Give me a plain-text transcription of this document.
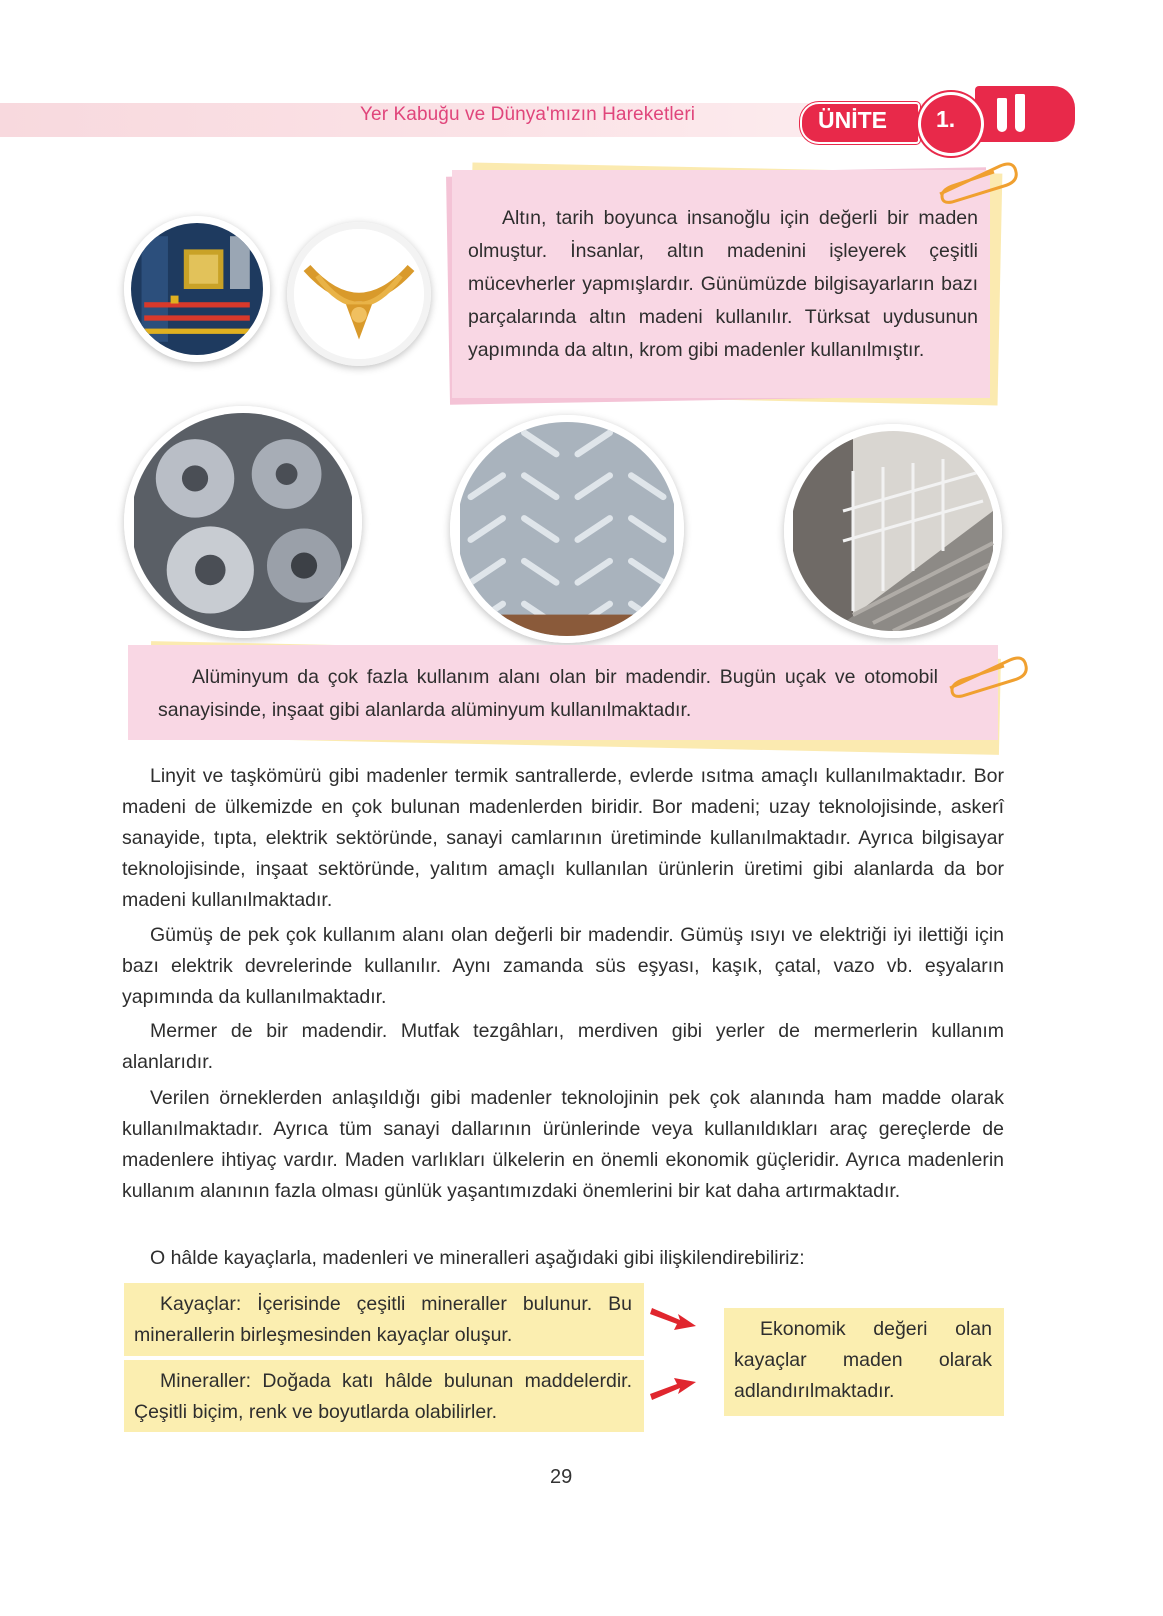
Yer Kabuğu ve Dünya'mızın Hareketleri	ÜNİTE 1.
Altın, tarih boyunca insanoğlu için değerli bir maden olmuştur. İnsanlar, altın madenini işleyerek çeşitli mücevherler yapmışlardır. Günümüzde bilgisayarların bazı parçalarında altın madeni kullanılır. Türksat uydusunun yapımında da altın, krom gibi madenler kullanılmıştır.
Alüminyum da çok fazla kullanım alanı olan bir madendir. Bugün uçak ve otomobil sanayisinde, inşaat gibi alanlarda alüminyum kullanılmaktadır.

Linyit ve taşkömürü gibi madenler termik santrallerde, evlerde ısıtma amaçlı kullanılmaktadır. Bor madeni de ülkemizde en çok bulunan madenlerden biridir. Bor madeni; uzay teknolojisinde, askerî sanayide, tıpta, elektrik sektöründe, sanayi camlarının üretiminde kullanılmaktadır. Ayrıca bilgisayar teknolojisinde, inşaat sektöründe, yalıtım amaçlı kullanılan ürünlerin üretimi gibi alanlarda da bor madeni kullanılmaktadır.

Gümüş de pek çok kullanım alanı olan değerli bir madendir. Gümüş ısıyı ve elektriği iyi ilettiği için bazı elektrik devrelerinde kullanılır. Aynı zamanda süs eşyası, kaşık, çatal, vazo vb. eşyaların yapımında da kullanılmaktadır.

Mermer de bir madendir. Mutfak tezgâhları, merdiven gibi yerler de mermerlerin kullanım alanlarıdır.

Verilen örneklerden anlaşıldığı gibi madenler teknolojinin pek çok alanında ham madde olarak kullanılmaktadır. Ayrıca tüm sanayi dallarının ürünlerinde veya kullanıldıkları araç gereçlerde de madenlere ihtiyaç vardır. Maden varlıkları ülkelerin en önemli ekonomik güçleridir. Ayrıca madenlerin kullanım alanının fazla olması günlük yaşantımızdaki önemlerini bir kat daha artırmaktadır.

O hâlde kayaçlarla, madenleri ve mineralleri aşağıdaki gibi ilişkilendirebiliriz:

Kayaçlar: İçerisinde çeşitli mineraller bulunur. Bu minerallerin birleşmesinden kayaçlar oluşur.
Mineraller: Doğada katı hâlde bulunan maddelerdir. Çeşitli biçim, renk ve boyutlarda olabilirler.
Ekonomik değeri olan kayaçlar maden olarak adlandırılmaktadır.
29
